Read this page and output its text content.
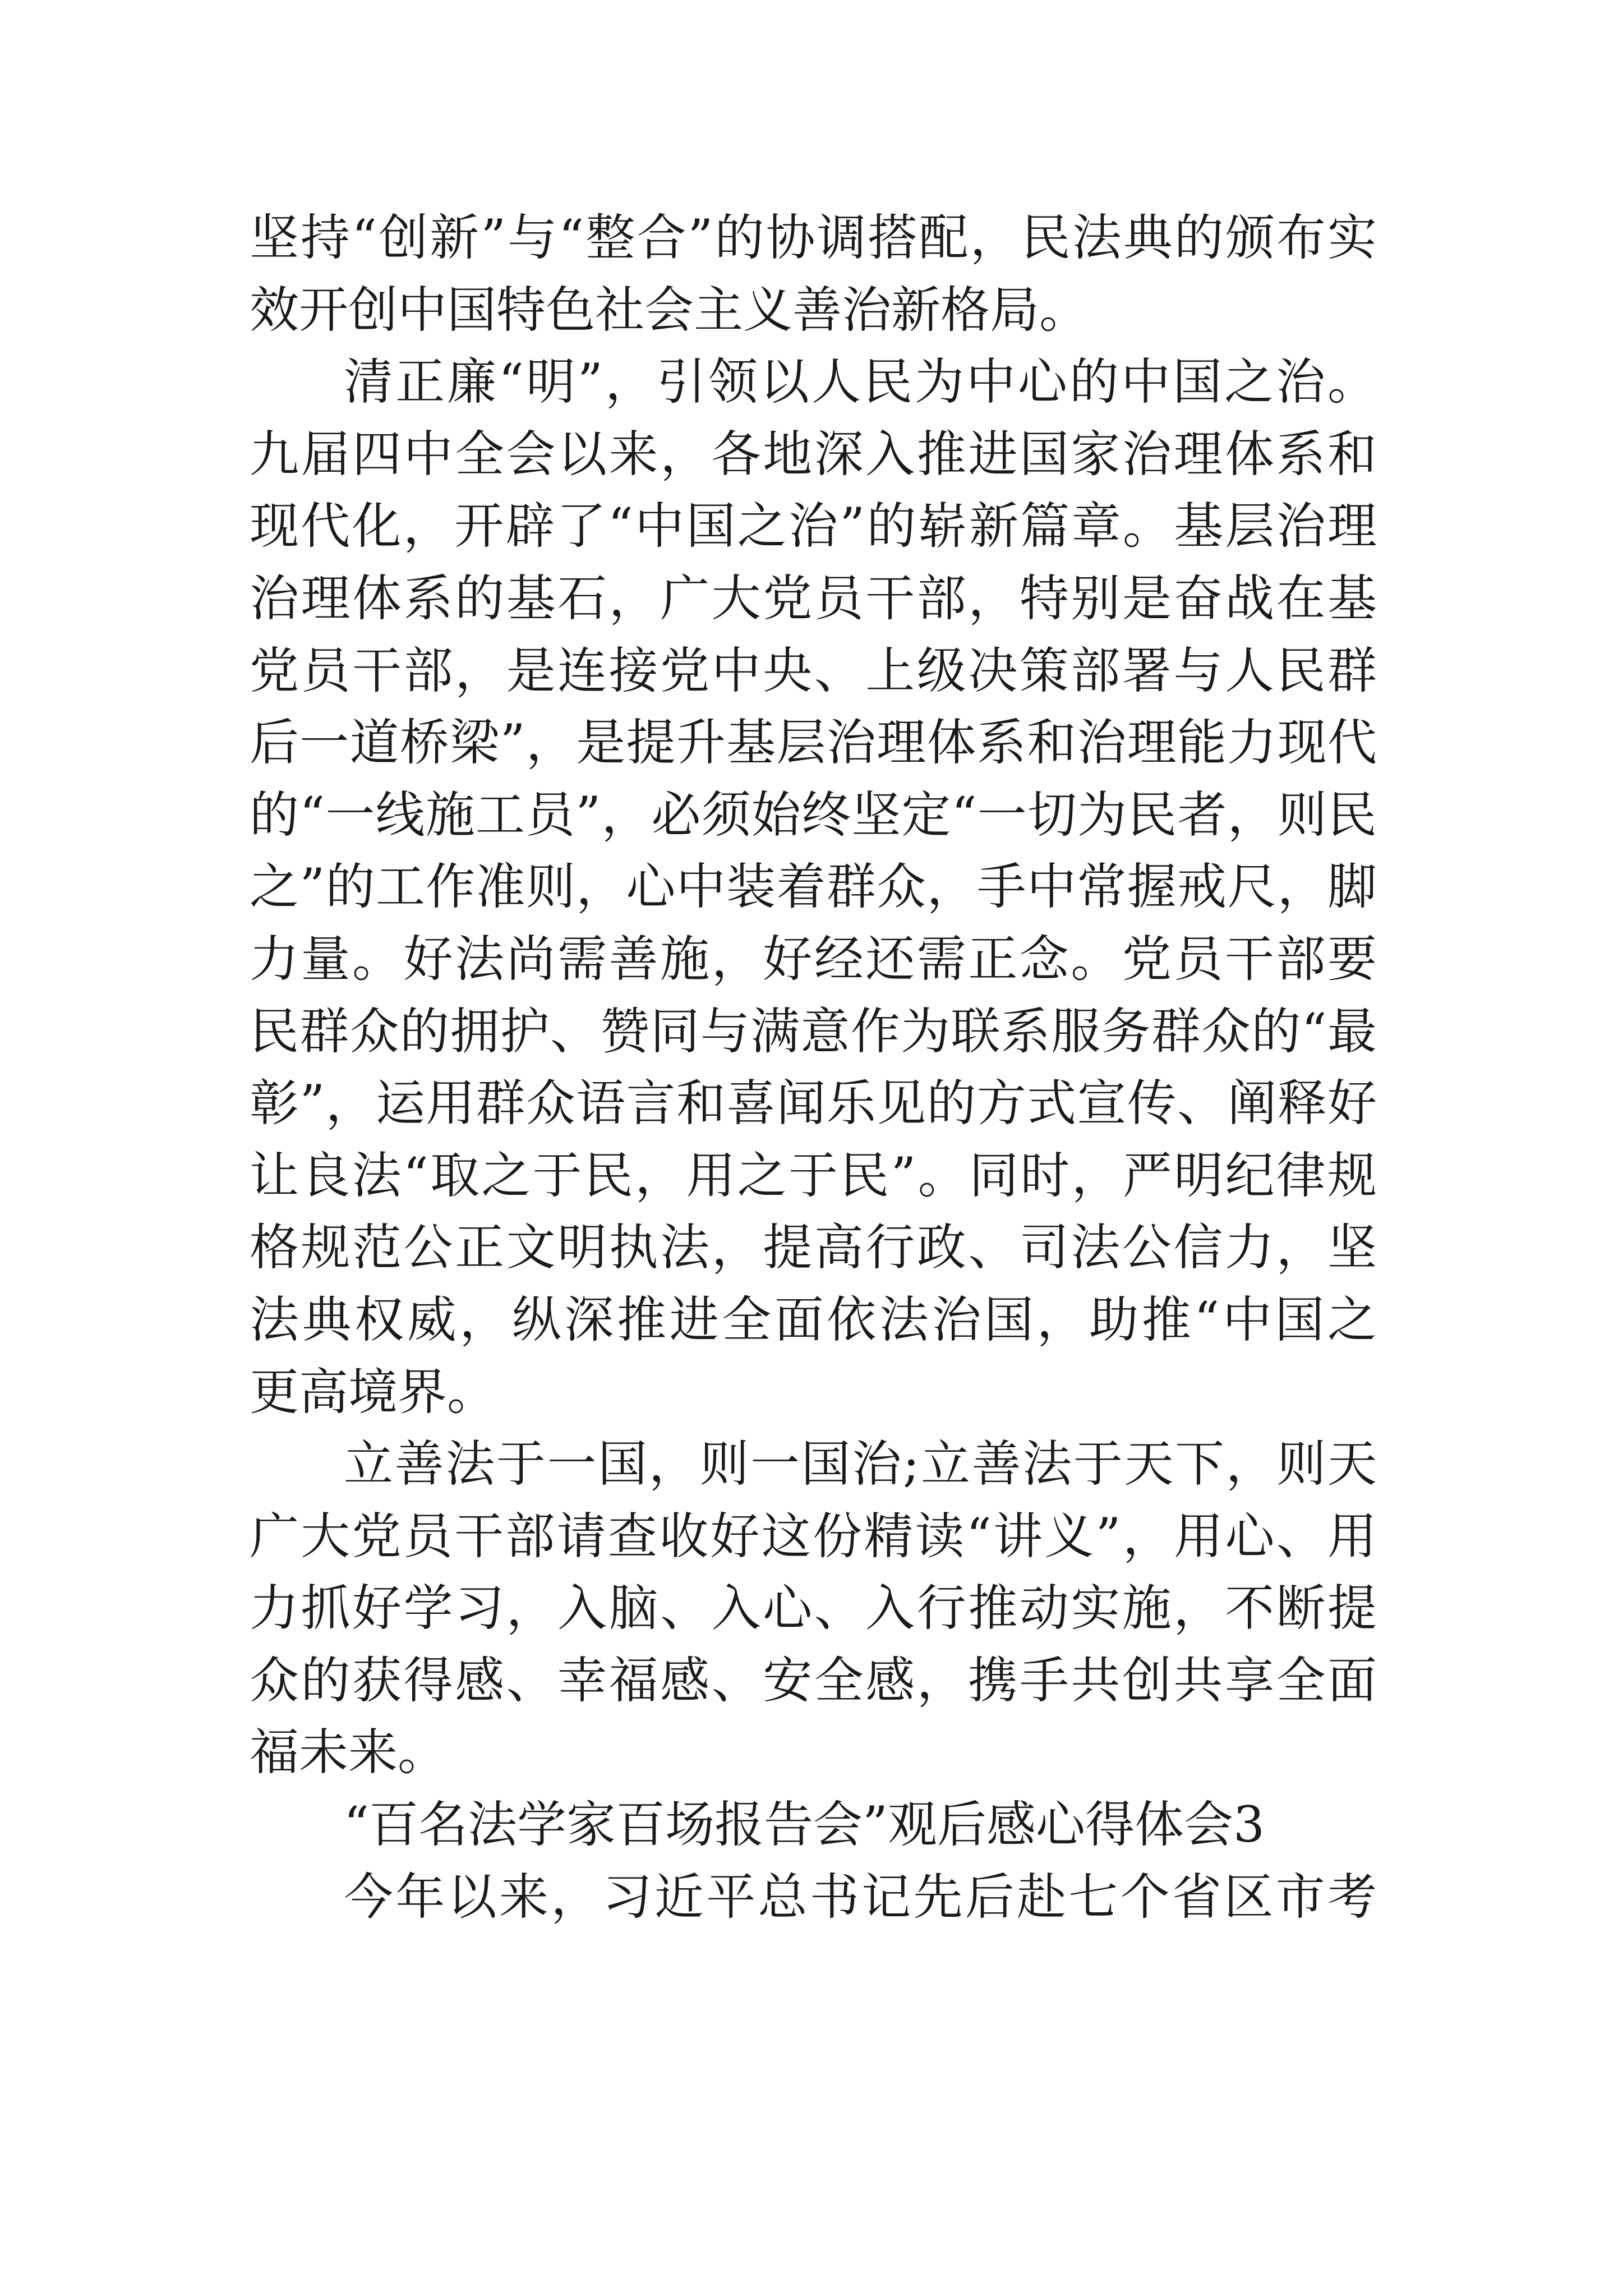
坚持“创新”与“整合”的协调搭配，民法典的颁布实
效开创中国特色社会主义善治新格局。
清正廉“明”，引领以人民为中心的中国之治。
九届四中全会以来，各地深入推进国家治理体系和
现代化，开辟了“中国之治”的崭新篇章。基层治理
治理体系的基石，广大党员干部，特别是奋战在基
党员干部，是连接党中央、上级决策部署与人民群
后一道桥梁”，是提升基层治理体系和治理能力现代
的“一线施工员”，必须始终坚定“一切为民者，则民
之”的工作准则，心中装着群众，手中常握戒尺，脚
力量。好法尚需善施，好经还需正念。党员干部要
民群众的拥护、赞同与满意作为联系服务群众的“最
彰”，运用群众语言和喜闻乐见的方式宣传、阐释好
让良法“取之于民，用之于民”。同时，严明纪律规
格规范公正文明执法，提高行政、司法公信力，坚
法典权威，纵深推进全面依法治国，助推“中国之
更高境界。
立善法于一国，则一国治;立善法于天下，则天
广大党员干部请查收好这份精读“讲义”，用心、用
力抓好学习，入脑、入心、入行推动实施，不断提
众的获得感、幸福感、安全感，携手共创共享全面
福未来。
“百名法学家百场报告会”观后感心得体会3
今年以来，习近平总书记先后赴七个省区市考
